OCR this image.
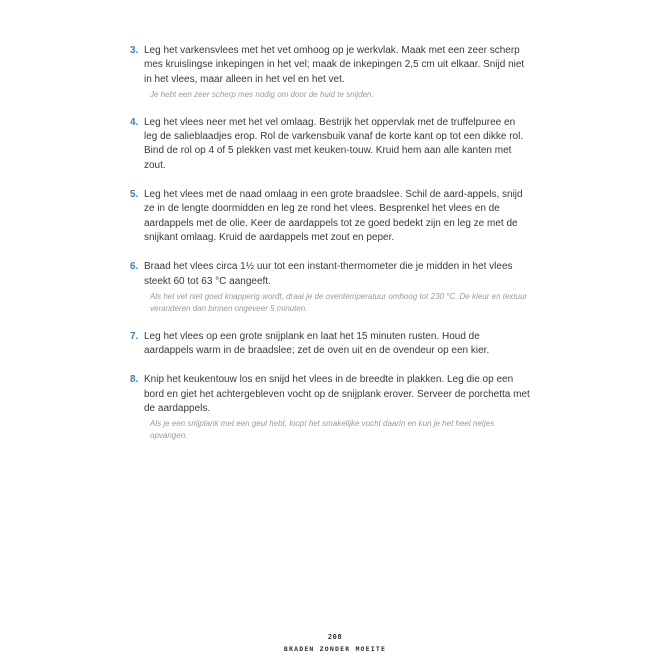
3. Leg het varkensvlees met het vet omhoog op je werkvlak. Maak met een zeer scherp mes kruislingse inkepingen in het vel; maak de inkepingen 2,5 cm uit elkaar. Snijd niet in het vlees, maar alleen in het vel en het vet.
Je hebt een zeer scherp mes nodig om door de huid te snijden.
4. Leg het vlees neer met het vel omlaag. Bestrijk het oppervlak met de truffelpuree en leg de salieblaadjes erop. Rol de varkensbuik vanaf de korte kant op tot een dikke rol. Bind de rol op 4 of 5 plekken vast met keuken-touw. Kruid hem aan alle kanten met zout.
5. Leg het vlees met de naad omlaag in een grote braadslee. Schil de aard-appels, snijd ze in de lengte doormidden en leg ze rond het vlees. Besprenkel het vlees en de aardappels met de olie. Keer de aardappels tot ze goed bedekt zijn en leg ze met de snijkant omlaag. Kruid de aardappels met zout en peper.
6. Braad het vlees circa 1½ uur tot een instant-thermometer die je midden in het vlees steekt 60 tot 63 °C aangeeft.
Als het vet niet goed knapperig wordt, draai je de oventemperatuur omhoog tot 230 °C. De kleur en textuur veranderen dan binnen ongeveer 5 minuten.
7. Leg het vlees op een grote snijplank en laat het 15 minuten rusten. Houd de aardappels warm in de braadslee; zet de oven uit en de ovendeur op een kier.
8. Knip het keukentouw los en snijd het vlees in de breedte in plakken. Leg die op een bord en giet het achtergebleven vocht op de snijplank erover. Serveer de porchetta met de aardappels.
Als je een snijplank met een geul hebt, loopt het smakelijke vocht daarin en kun je het heel netjes opvangen.
208
BRADEN ZONDER MOEITE
